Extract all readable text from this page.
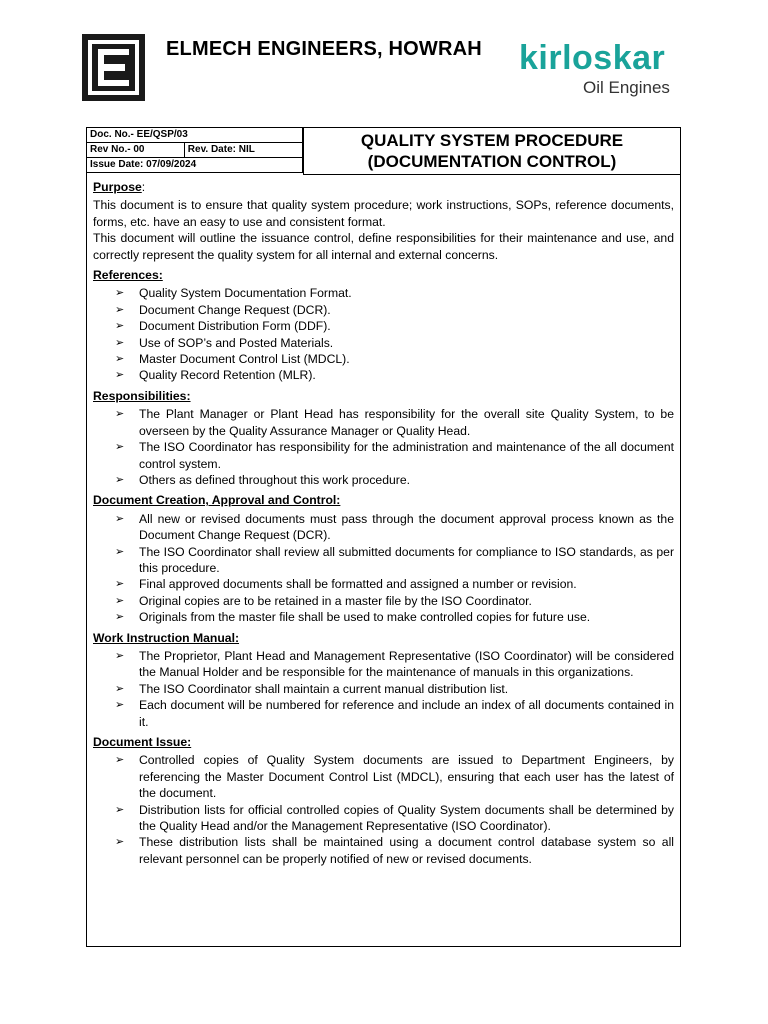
ELMECH ENGINEERS, HOWRAH kirloskar
Oil Engines
Doc. No.- EE/QSP/03
Rev No.- 00	Rev. Date: NIL
Issue Date: 07/09/2024
QUALITY SYSTEM PROCEDURE
(DOCUMENTATION CONTROL)
Purpose:

This document is to ensure that quality system procedure; work instructions, SOPs, reference documents, forms, etc. have an easy to use and consistent format.

This document will outline the issuance control, define responsibilities for their maintenance and use, and correctly represent the quality system for all internal and external concerns.

References:
➢ Quality System Documentation Format.
➢ Document Change Request (DCR).
➢ Document Distribution Form (DDF).
➢ Use of SOP’s and Posted Materials.
➢ Master Document Control List (MDCL).
➢ Quality Record Retention (MLR).
Responsibilities:
➢ The Plant Manager or Plant Head has responsibility for the overall site Quality System, to be overseen by the Quality Assurance Manager or Quality Head.
➢ The ISO Coordinator has responsibility for the administration and maintenance of the all document control system.
➢ Others as defined throughout this work procedure.
Document Creation, Approval and Control:
➢ All new or revised documents must pass through the document approval process known as the Document Change Request (DCR).
➢ The ISO Coordinator shall review all submitted documents for compliance to ISO standards, as per this procedure.
➢ Final approved documents shall be formatted and assigned a number or revision.
➢ Original copies are to be retained in a master file by the ISO Coordinator.
➢ Originals from the master file shall be used to make controlled copies for future use.
Work Instruction Manual:
➢ The Proprietor, Plant Head and Management Representative (ISO Coordinator) will be considered the Manual Holder and be responsible for the maintenance of manuals in this organizations.
➢ The ISO Coordinator shall maintain a current manual distribution list.
➢ Each document will be numbered for reference and include an index of all documents contained in it.
Document Issue:
➢ Controlled copies of Quality System documents are issued to Department Engineers, by referencing the Master Document Control List (MDCL), ensuring that each user has the latest of the document.
➢ Distribution lists for official controlled copies of Quality System documents shall be determined by the Quality Head and/or the Management Representative (ISO Coordinator).
➢ These distribution lists shall be maintained using a document control database system so all relevant personnel can be properly notified of new or revised documents.
